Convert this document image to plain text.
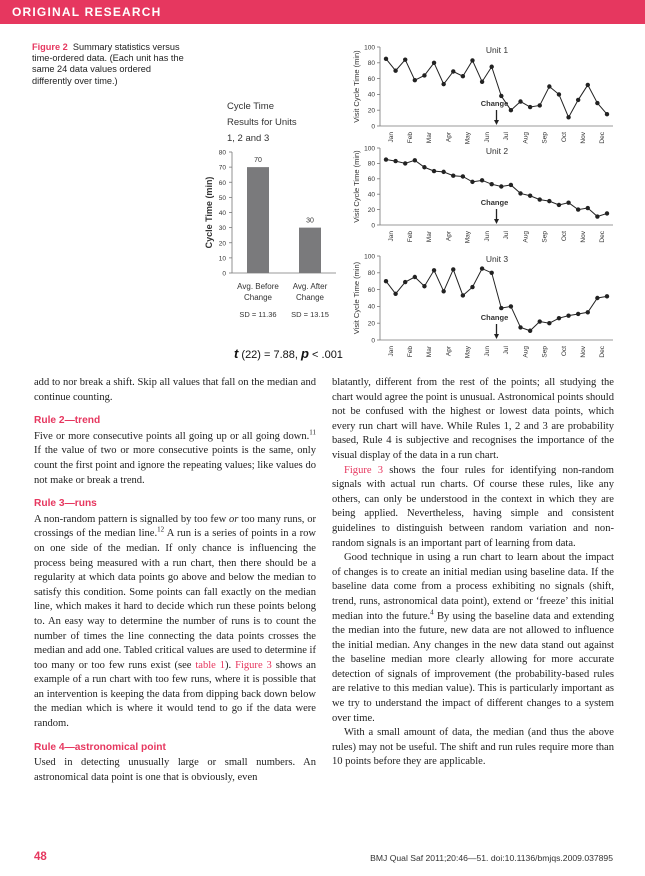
ORIGINAL RESEARCH
Figure 2 Summary statistics versus time-ordered data. (Each unit has the same 24 data values ordered differently over time.)
Cycle Time
Results for Units
1, 2 and 3
Cycle Time (min)
0
10
20
30
40
50
60
70
80
70
Avg. Before
Change
SD = 11.36
30
Avg. After
Change
SD = 13.15
Visit Cycle Time (min)
0
20
40
60
80
100
Jan Feb Mar Apr May Jun Jul Aug Sep Oct Nov Dec
Unit 1
Change
Visit Cycle Time (min)
0
20
40
60
80
100
Jan Feb Mar Apr May Jun Jul Aug Sep Oct Nov Dec
Unit 2
Change
Visit Cycle Time (min)
0
20
40
60
80
100
Jan Feb Mar Apr May Jun Jul Aug Sep Oct Nov Dec
Unit 3
Change
t (22) = 7.88, p < .001

add to nor break a shift. Skip all values that fall on the median and continue counting.

Rule 2—trend

Five or more consecutive points all going up or all going down.$^{11}$ If the value of two or more consecutive points is the same, only count the first point and ignore the repeating values; like values do not make or break a trend.

Rule 3—runs

A non-random pattern is signalled by too few or too many runs, or crossings of the median line.$^{12}$ A run is a series of points in a row on one side of the median. If only chance is influencing the process being measured with a run chart, then there should be a regularity at which data points go above and below the median to satisfy this condition. Some points can fall exactly on the median line, which makes it hard to decide which run these points belong to. An easy way to determine the number of runs is to count the number of times the line connecting the data points crosses the median and add one. Tabled critical values are used to determine if too many or too few runs exist (see table 1). Figure 3 shows an example of a run chart with too few runs, where it is possible that an intervention is keeping the data from dipping back down below the median which is where it would tend to go if the data were random.

Rule 4—astronomical point

Used in detecting unusually large or small numbers. An astronomical data point is one that is obviously, even

blatantly, different from the rest of the points; all studying the chart would agree the point is unusual. Astronomical points should not be confused with the highest or lowest data points, which every run chart will have. While Rules 1, 2 and 3 are probability based, Rule 4 is subjective and recognises the importance of the visual display of the data in a run chart.

Figure 3 shows the four rules for identifying non-random signals with actual run charts. Of course these rules, like any others, can only be understood in the context in which they are being applied. Nevertheless, having simple and consistent guidelines to distinguish between random variation and non-random signals is an important part of learning from data.

Good technique in using a run chart to learn about the impact of changes is to create an initial median using baseline data. If the baseline data come from a process exhibiting no signals (shift, trend, runs, astronomical data point), extend or ‘freeze’ this initial median into the future.$^4$ By using the baseline data and extending the median into the future, new data are not allowed to influence the initial median. Any changes in the new data stand out against the baseline median more clearly allowing for more accurate detection of signals of improvement (the probability-based rules are relative to this median value). This is particularly important as we try to understand the impact of different changes to a system over time.

With a small amount of data, the median (and thus the above rules) may not be useful. The shift and run rules require more than 10 points before they are applicable.

48	BMJ Qual Saf 2011;20:46—51. doi:10.1136/bmjqs.2009.037895
